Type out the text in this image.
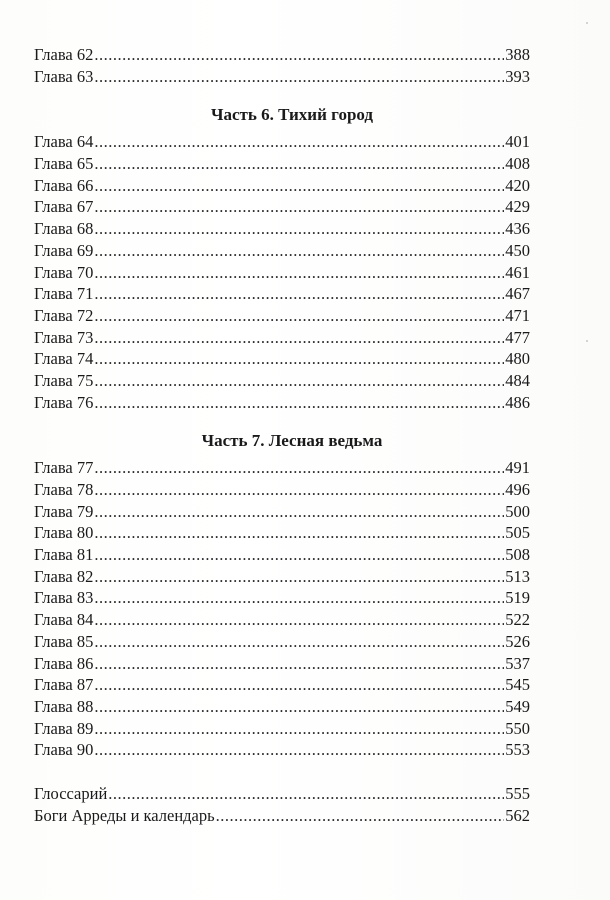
Глава 62 .....	388
Глава 63 .....	393
Часть 6. Тихий город
Глава 64 .....	401
Глава 65 .....	408
Глава 66 .....	420
Глава 67 .....	429
Глава 68 .....	436
Глава 69 .....	450
Глава 70 .....	461
Глава 71 .....	467
Глава 72 .....	471
Глава 73 .....	477
Глава 74 .....	480
Глава 75 .....	484
Глава 76 .....	486
Часть 7. Лесная ведьма
Глава 77 .....	491
Глава 78 .....	496
Глава 79 .....	500
Глава 80 .....	505
Глава 81 .....	508
Глава 82 .....	513
Глава 83 .....	519
Глава 84 .....	522
Глава 85 .....	526
Глава 86 .....	537
Глава 87 .....	545
Глава 88 .....	549
Глава 89 .....	550
Глава 90 .....	553
Глоссарий .....	555
Боги Арреды и календарь .....	562
